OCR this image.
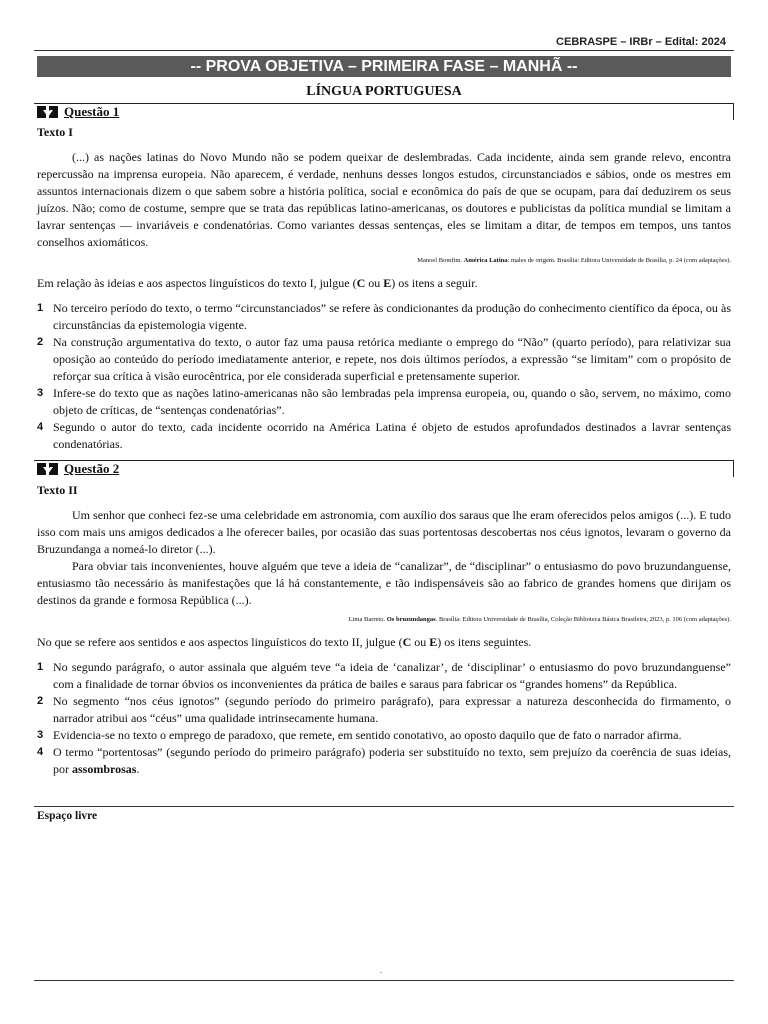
CEBRASPE – IRBr – Edital: 2024
-- PROVA OBJETIVA – PRIMEIRA FASE – MANHÃ --
LÍNGUA PORTUGUESA
Questão 1

Texto I

(...) as nações latinas do Novo Mundo não se podem queixar de deslembradas. Cada incidente, ainda sem grande relevo, encontra repercussão na imprensa europeia. Não aparecem, é verdade, nenhuns desses longos estudos, circunstanciados e sábios, onde os mestres em assuntos internacionais dizem o que sabem sobre a história política, social e econômica do país de que se ocupam, para daí deduzirem os seus juízos. Não; como de costume, sempre que se trata das repúblicas latino-americanas, os doutores e publicistas da política mundial se limitam a lavrar sentenças — invariáveis e condenatórias. Como variantes dessas sentenças, eles se limitam a ditar, de tempos em tempos, uns tantos conselhos axiomáticos.

Manoel Bomfim. América Latina: males de origem. Brasília: Editora Universidade de Brasília, p. 24 (com adaptações).

Em relação às ideias e aos aspectos linguísticos do texto I, julgue (C ou E) os itens a seguir.

1 No terceiro período do texto, o termo “circunstanciados” se refere às condicionantes da produção do conhecimento científico da época, ou às circunstâncias da epistemologia vigente.
2 Na construção argumentativa do texto, o autor faz uma pausa retórica mediante o emprego do “Não” (quarto período), para relativizar sua oposição ao conteúdo do período imediatamente anterior, e repete, nos dois últimos períodos, a expressão “se limitam” com o propósito de reforçar sua crítica à visão eurocêntrica, por ele considerada superficial e pretensamente superior.
3 Infere-se do texto que as nações latino-americanas não são lembradas pela imprensa europeia, ou, quando o são, servem, no máximo, como objeto de críticas, de “sentenças condenatórias”.
4 Segundo o autor do texto, cada incidente ocorrido na América Latina é objeto de estudos aprofundados destinados a lavrar sentenças condenatórias.
Questão 2

Texto II

Um senhor que conheci fez-se uma celebridade em astronomia, com auxílio dos saraus que lhe eram oferecidos pelos amigos (...). E tudo isso com mais uns amigos dedicados a lhe oferecer bailes, por ocasião das suas portentosas descobertas nos céus ignotos, levaram o governo da Bruzundanga a nomeá-lo diretor (...).

Para obviar tais inconvenientes, houve alguém que teve a ideia de “canalizar”, de “disciplinar” o entusiasmo do povo bruzundanguense, entusiasmo tão necessário às manifestações que lá há constantemente, e tão indispensáveis são ao fabrico de grandes homens que dirijam os destinos da grande e formosa República (...).

Lima Barreto. Os bruzundangas. Brasília: Editora Universidade de Brasília, Coleção Biblioteca Básica Brasileira, 2023, p. 106 (com adaptações).

No que se refere aos sentidos e aos aspectos linguísticos do texto II, julgue (C ou E) os itens seguintes.

1 No segundo parágrafo, o autor assinala que alguém teve “a ideia de ‘canalizar’, de ‘disciplinar’ o entusiasmo do povo bruzundanguense” com a finalidade de tornar óbvios os inconvenientes da prática de bailes e saraus para fabricar os “grandes homens” da República.
2 No segmento “nos céus ignotos” (segundo período do primeiro parágrafo), para expressar a natureza desconhecida do firmamento, o narrador atribui aos “céus” uma qualidade intrinsecamente humana.
3 Evidencia-se no texto o emprego de paradoxo, que remete, em sentido conotativo, ao oposto daquilo que de fato o narrador afirma.
4 O termo “portentosas” (segundo período do primeiro parágrafo) poderia ser substituído no texto, sem prejuízo da coerência de suas ideias, por assombrosas.
Espaço livre
.
